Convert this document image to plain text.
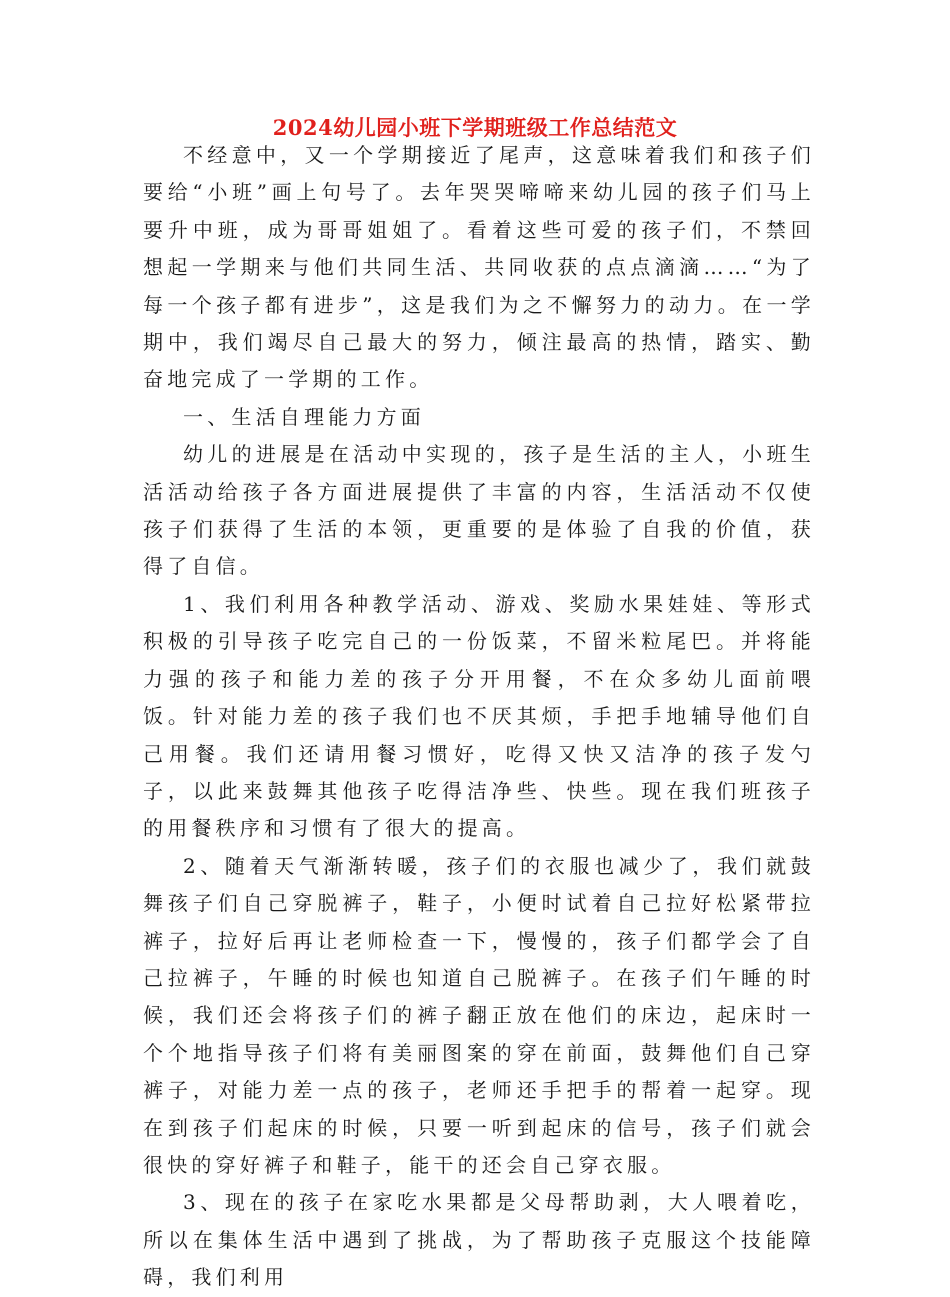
2024幼儿园小班下学期班级工作总结范文

不经意中，又一个学期接近了尾声，这意味着我们和孩子们要给“小班”画上句号了。去年哭哭啼啼来幼儿园的孩子们马上要升中班，成为哥哥姐姐了。看着这些可爱的孩子们，不禁回想起一学期来与他们共同生活、共同收获的点点滴滴……“为了每一个孩子都有进步”，这是我们为之不懈努力的动力。在一学期中，我们竭尽自己最大的努力，倾注最高的热情，踏实、勤奋地完成了一学期的工作。

一、生活自理能力方面

幼儿的进展是在活动中实现的，孩子是生活的主人，小班生活活动给孩子各方面进展提供了丰富的内容，生活活动不仅使孩子们获得了生活的本领，更重要的是体验了自我的价值，获得了自信。

1、我们利用各种教学活动、游戏、奖励水果娃娃、等形式积极的引导孩子吃完自己的一份饭菜，不留米粒尾巴。并将能力强的孩子和能力差的孩子分开用餐，不在众多幼儿面前喂饭。针对能力差的孩子我们也不厌其烦，手把手地辅导他们自己用餐。我们还请用餐习惯好，吃得又快又洁净的孩子发勺子，以此来鼓舞其他孩子吃得洁净些、快些。现在我们班孩子的用餐秩序和习惯有了很大的提高。

2、随着天气渐渐转暖，孩子们的衣服也减少了，我们就鼓舞孩子们自己穿脱裤子，鞋子，小便时试着自己拉好松紧带拉裤子，拉好后再让老师检查一下，慢慢的，孩子们都学会了自己拉裤子，午睡的时候也知道自己脱裤子。在孩子们午睡的时候，我们还会将孩子们的裤子翻正放在他们的床边，起床时一个个地指导孩子们将有美丽图案的穿在前面，鼓舞他们自己穿裤子，对能力差一点的孩子，老师还手把手的帮着一起穿。现在到孩子们起床的时候，只要一听到起床的信号，孩子们就会很快的穿好裤子和鞋子，能干的还会自己穿衣服。

3、现在的孩子在家吃水果都是父母帮助剥，大人喂着吃，所以在集体生活中遇到了挑战，为了帮助孩子克服这个技能障碍，我们利用
